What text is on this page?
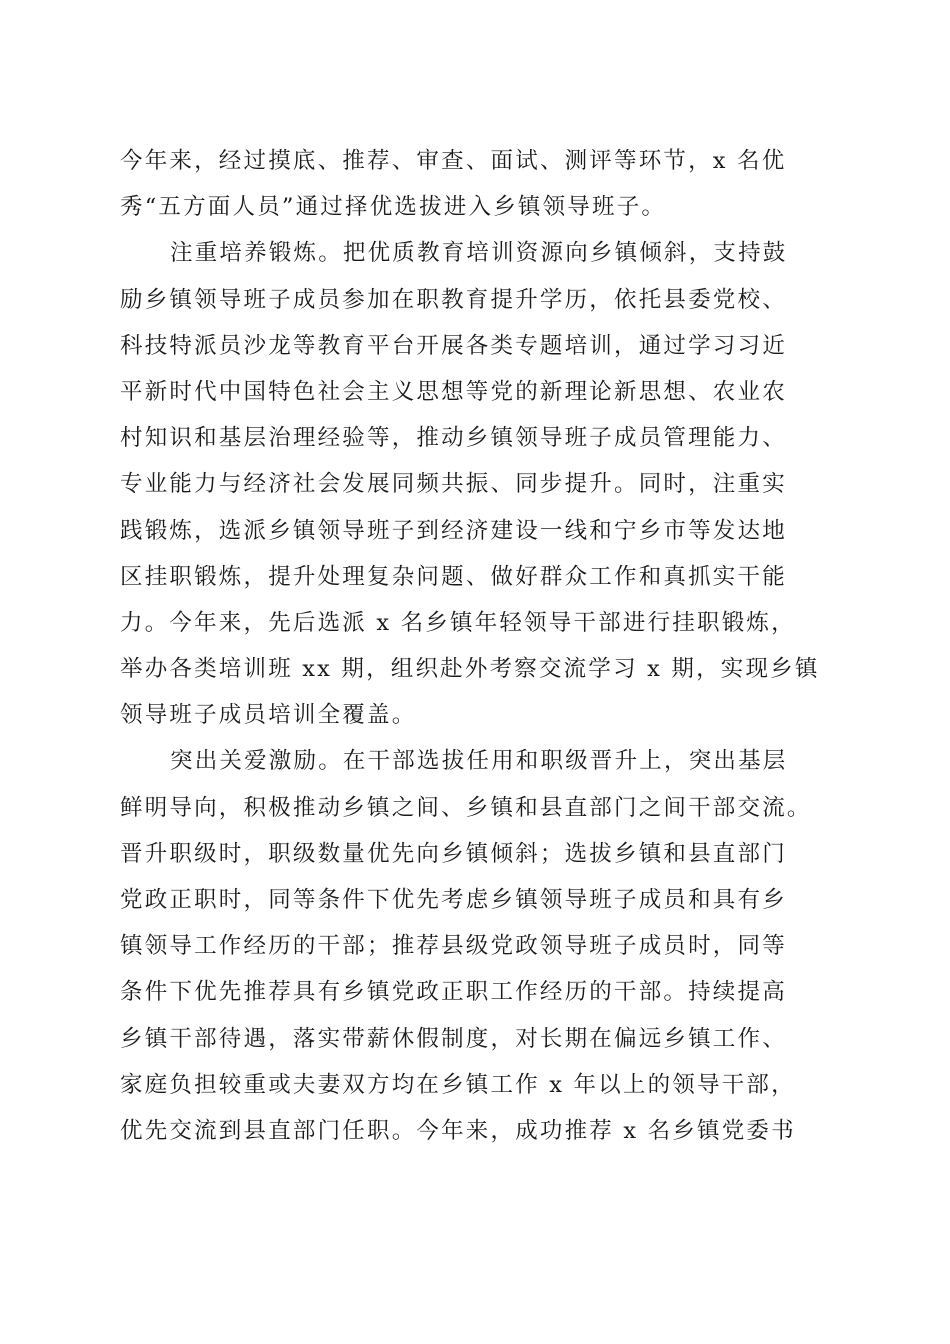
今年来，经过摸底、推荐、审查、面试、测评等环节，x 名优
秀“五方面人员”通过择优选拔进入乡镇领导班子。
注重培养锻炼。把优质教育培训资源向乡镇倾斜，支持鼓
励乡镇领导班子成员参加在职教育提升学历，依托县委党校、
科技特派员沙龙等教育平台开展各类专题培训，通过学习习近
平新时代中国特色社会主义思想等党的新理论新思想、农业农
村知识和基层治理经验等，推动乡镇领导班子成员管理能力、
专业能力与经济社会发展同频共振、同步提升。同时，注重实
践锻炼，选派乡镇领导班子到经济建设一线和宁乡市等发达地
区挂职锻炼，提升处理复杂问题、做好群众工作和真抓实干能
力。今年来，先后选派 x 名乡镇年轻领导干部进行挂职锻炼，
举办各类培训班 xx 期，组织赴外考察交流学习 x 期，实现乡镇
领导班子成员培训全覆盖。
突出关爱激励。在干部选拔任用和职级晋升上，突出基层
鲜明导向，积极推动乡镇之间、乡镇和县直部门之间干部交流。
晋升职级时，职级数量优先向乡镇倾斜；选拔乡镇和县直部门
党政正职时，同等条件下优先考虑乡镇领导班子成员和具有乡
镇领导工作经历的干部；推荐县级党政领导班子成员时，同等
条件下优先推荐具有乡镇党政正职工作经历的干部。持续提高
乡镇干部待遇，落实带薪休假制度，对长期在偏远乡镇工作、
家庭负担较重或夫妻双方均在乡镇工作 x 年以上的领导干部，
优先交流到县直部门任职。今年来，成功推荐 x 名乡镇党委书
